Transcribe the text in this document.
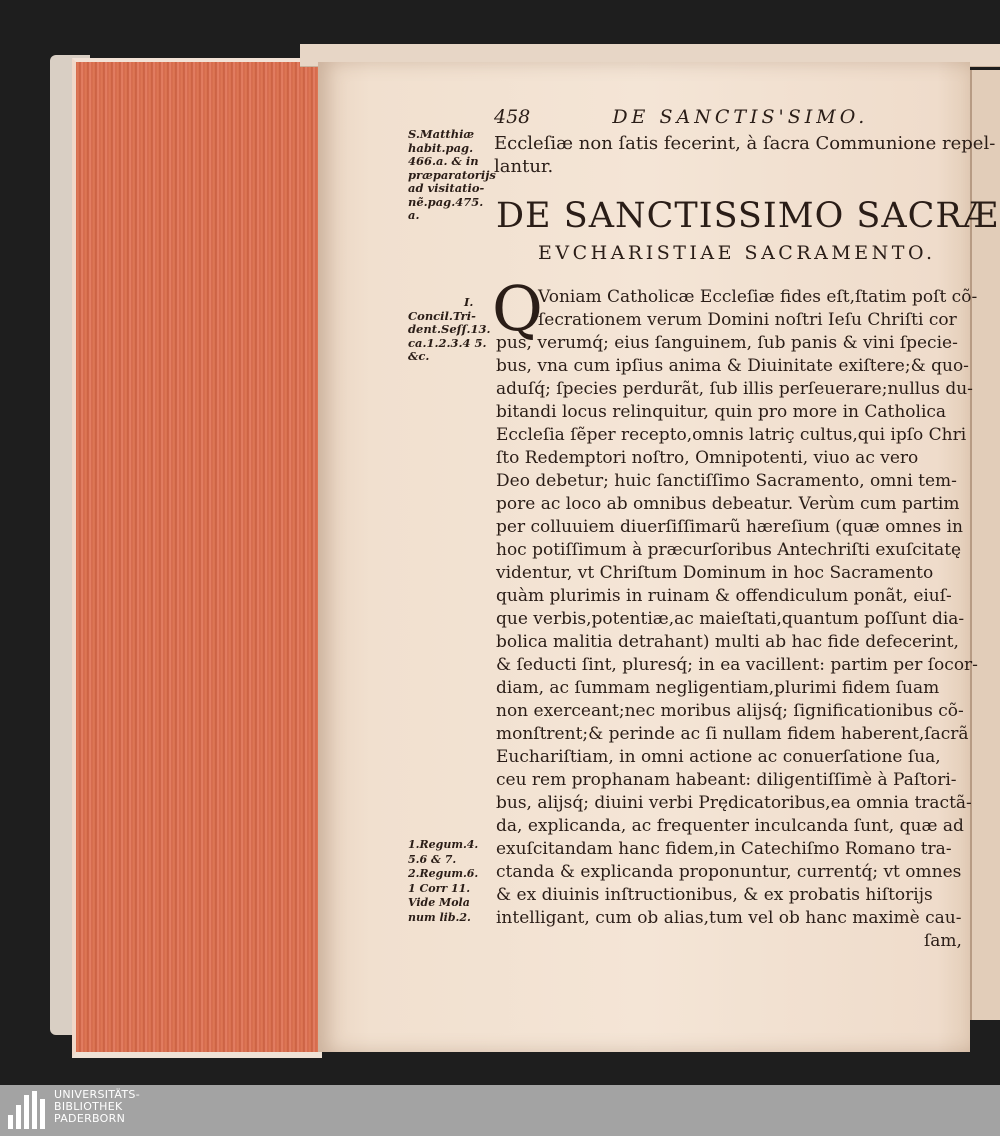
458	DE SANCTIS'SIMO.
S.Matthiæ
habit.pag.
466.a. & in
præparatorijs
ad visitatio-
nẽ.pag.475.
a.
Eccleſiæ non ſatis fecerint, à ſacra Communione repel-
lantur.
DE SANCTISSIMO SACRÆ
EVCHARISTIAE SACRAMENTO.
I.
Concil.Tri-
dent.Seſſ.13.
ca.1.2.3.4 5.
&c.
Q
Voniam Catholicæ Eccleſiæ fides eſt,ſtatim poſt cõ-
ſecrationem verum Domini noſtri Ieſu Chriſti cor
pus, verumq́; eius ſanguinem, ſub panis & vini ſpecie-
bus, vna cum ipſius anima & Diuinitate exiſtere;& quo-
aduſq́; ſpecies perdurãt, ſub illis perſeuerare;nullus du-
bitandi locus relinquitur, quin pro more in Catholica
Eccleſia ſẽper recepto,omnis latriç cultus,qui ipſo Chri
ſto Redemptori noſtro, Omnipotenti, viuo ac vero
Deo debetur; huic ſanctiſſimo Sacramento, omni tem-
pore ac loco ab omnibus debeatur. Verùm cum partim
per colluuiem diuerſiſſimarũ hæreſium (quæ omnes in
hoc potiſſimum à præcurſoribus Antechriſti exuſcitatę
videntur, vt Chriſtum Dominum in hoc Sacramento
quàm plurimis in ruinam & offendiculum ponãt, eiuſ-
que verbis,potentiæ,ac maieſtati,quantum poſſunt dia-
bolica malitia detrahant) multi ab hac fide defecerint,
& ſeducti ſint, pluresq́; in ea vacillent: partim per ſocor-
diam, ac ſummam negligentiam,plurimi fidem ſuam
non exerceant;nec moribus alijsq́; ſignificationibus cõ-
monſtrent;& perinde ac ſi nullam fidem haberent,ſacrã
Euchariſtiam, in omni actione ac conuerſatione ſua,
ceu rem prophanam habeant: diligentiſſimè à Paſtori-
bus, alijsq́; diuini verbi Prędicatoribus,ea omnia tractã-
da, explicanda, ac frequenter inculcanda ſunt, quæ ad
exuſcitandam hanc fidem,in Catechiſmo Romano tra-
ctanda & explicanda proponuntur, currentq́; vt omnes
& ex diuinis inſtructionibus, & ex probatis hiſtorijs
intelligant, cum ob alias,tum vel ob hanc maximè cau-
ſam,
1.Regum.4.
5.6 & 7.
2.Regum.6.
1 Corr 11.
Vide Mola
num lib.2.
UNIVERSITÄTS-
BIBLIOTHEK
PADERBORN
